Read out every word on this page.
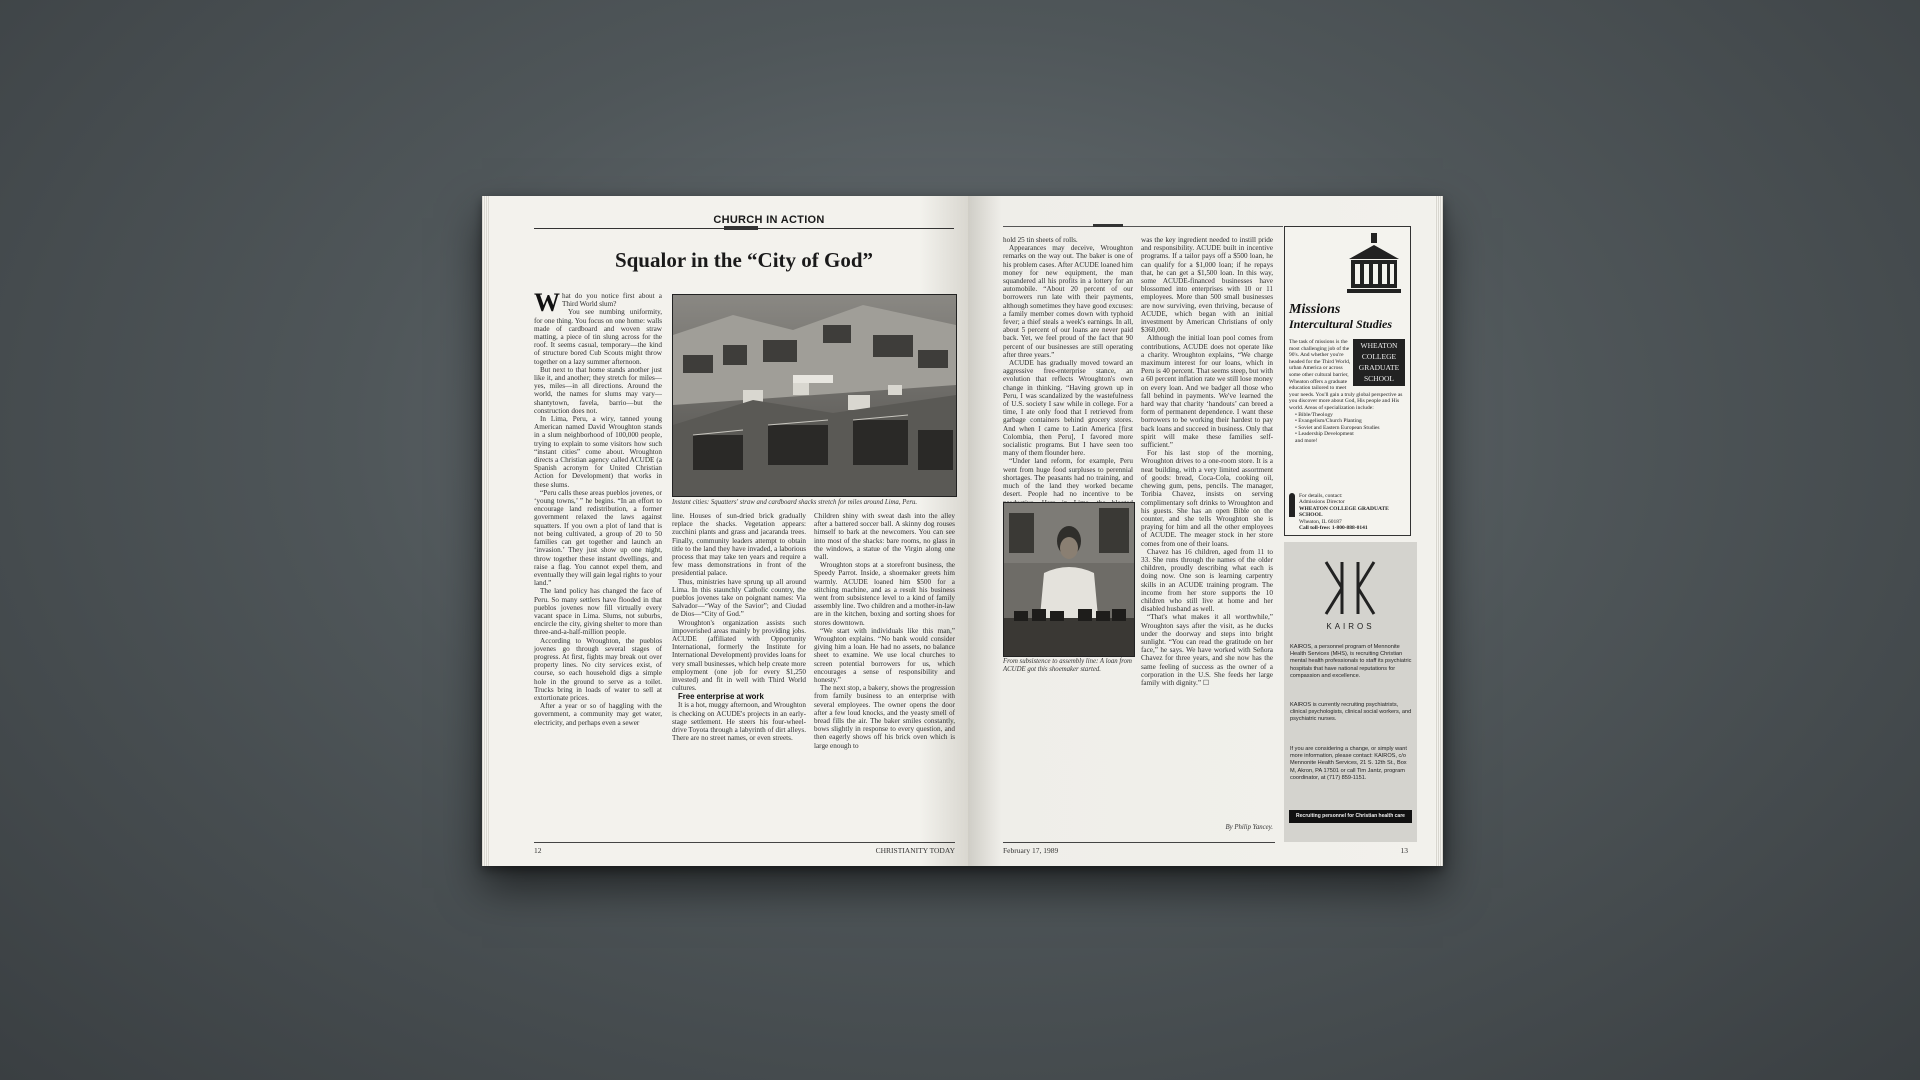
CHURCH IN ACTION
Squalor in the “City of God”

What do you notice first about a Third World slum?

You see numbing uniformity, for one thing. You focus on one home: walls made of cardboard and woven straw matting, a piece of tin slung across for the roof. It seems casual, temporary—the kind of structure bored Cub Scouts might throw together on a lazy summer afternoon.

But next to that home stands another just like it, and another; they stretch for miles—yes, miles—in all directions. Around the world, the names for slums may vary—shantytown, favela, barrio—but the construction does not.

In Lima, Peru, a wiry, tanned young American named David Wroughton stands in a slum neighborhood of 100,000 people, trying to explain to some visitors how such “instant cities” come about. Wroughton directs a Christian agency called ACUDE (a Spanish acronym for United Christian Action for Development) that works in these slums.

“Peru calls these areas pueblos jovenes, or ‘young towns,’ ” he begins. “In an effort to encourage land redistribution, a former government relaxed the laws against squatters. If you own a plot of land that is not being cultivated, a group of 20 to 50 families can get together and launch an ‘invasion.’ They just show up one night, throw together these instant dwellings, and raise a flag. You cannot expel them, and eventually they will gain legal rights to your land.”

The land policy has changed the face of Peru. So many settlers have flooded in that pueblos jovenes now fill virtually every vacant space in Lima. Slums, not suburbs, encircle the city, giving shelter to more than three-and-a-half-million people.

According to Wroughton, the pueblos jovenes go through several stages of progress. At first, fights may break out over property lines. No city services exist, of course, so each household digs a simple hole in the ground to serve as a toilet. Trucks bring in loads of water to sell at extortionate prices.

After a year or so of haggling with the government, a community may get water, electricity, and perhaps even a sewer

Instant cities: Squatters' straw and cardboard shacks stretch for miles around Lima, Peru.

line. Houses of sun-dried brick gradually replace the shacks. Vegetation appears: zucchini plants and grass and jacaranda trees. Finally, community leaders attempt to obtain title to the land they have invaded, a laborious process that may take ten years and require a few mass demonstrations in front of the presidential palace.

Thus, ministries have sprung up all around Lima. In this staunchly Catholic country, the pueblos jovenes take on poignant names: Via Salvador—“Way of the Savior”; and Ciudad de Dios—“City of God.”

Wroughton's organization assists such impoverished areas mainly by providing jobs. ACUDE (affiliated with Opportunity International, formerly the Institute for International Development) provides loans for very small businesses, which help create more employment (one job for every $1,250 invested) and fit in well with Third World cultures.

Free enterprise at work

It is a hot, muggy afternoon, and Wroughton is checking on ACUDE's projects in an early-stage settlement. He steers his four-wheel-drive Toyota through a labyrinth of dirt alleys. There are no street names, or even streets.

Children shiny with sweat dash into the alley after a battered soccer ball. A skinny dog rouses himself to bark at the newcomers. You can see into most of the shacks: bare rooms, no glass in the windows, a statue of the Virgin along one wall.

Wroughton stops at a storefront business, the Speedy Parrot. Inside, a shoemaker greets him warmly. ACUDE loaned him $500 for a stitching machine, and as a result his business went from subsistence level to a kind of family assembly line. Two children and a mother-in-law are in the kitchen, boxing and sorting shoes for stores downtown.

“We start with individuals like this man,” Wroughton explains. “No bank would consider giving him a loan. He had no assets, no balance sheet to examine. We use local churches to screen potential borrowers for us, which encourages a sense of responsibility and honesty.”

The next stop, a bakery, shows the progression from family business to an enterprise with several employees. The owner opens the door after a few loud knocks, and the yeasty smell of bread fills the air. The baker smiles constantly, bows slightly in response to every question, and then eagerly shows off his brick oven which is large enough to

12	CHRISTIANITY TODAY

hold 25 tin sheets of rolls.

Appearances may deceive, Wroughton remarks on the way out. The baker is one of his problem cases. After ACUDE loaned him money for new equipment, the man squandered all his profits in a lottery for an automobile. “About 20 percent of our borrowers run late with their payments, although sometimes they have good excuses: a family member comes down with typhoid fever; a thief steals a week's earnings. In all, about 5 percent of our loans are never paid back. Yet, we feel proud of the fact that 90 percent of our businesses are still operating after three years.”

ACUDE has gradually moved toward an aggressive free-enterprise stance, an evolution that reflects Wroughton's own change in thinking. “Having grown up in Peru, I was scandalized by the wastefulness of U.S. society I saw while in college. For a time, I ate only food that I retrieved from garbage containers behind grocery stores. And when I came to Latin America [first Colombia, then Peru], I favored more socialistic programs. But I have seen too many of them flounder here.

“Under land reform, for example, Peru went from huge food surpluses to perennial shortages. The peasants had no training, and much of the land they worked became desert. People had no incentive to be

From subsistence to assembly line: A loan from ACUDE got this shoemaker started.

was the key ingredient needed to instill pride and responsibility. ACUDE built in incentive programs. If a tailor pays off a $500 loan, he can qualify for a $1,000 loan; if he repays that, he can get a $1,500 loan. In this way, some ACUDE-financed businesses have blossomed into enterprises with 10 or 11 employees. More than 500 small businesses are now surviving, even thriving, because of ACUDE, which began with an initial investment by American Christians of only $360,000.

Although the initial loan pool comes from contributions, ACUDE does not operate like a charity. Wroughton explains, “We charge maximum interest for our loans, which in Peru is 40 percent. That seems steep, but with a 60 percent inflation rate we still lose money on every loan. And we badger all those who fall behind in payments. We've learned the hard way that charity ‘handouts’ can breed a form of permanent dependence. I want these borrowers to be working their hardest to pay back loans and succeed in business. Only that spirit will make these families self-sufficient.”

For his last stop of the morning, Wroughton drives to a one-room store. It is a neat building, with a very limited assortment of goods: bread, Coca-Cola, cooking oil, chewing gum, pens, pencils. The manager, Toribia Chavez, insists on serving complimentary soft drinks to Wroughton and his guests. She has an open Bible on the counter, and she tells Wroughton she is praying for him and all the other employees of ACUDE. The meager stock in her store comes from one of their loans.

Chavez has 16 children, aged from 11 to 33. She runs through the names of the older children, proudly describing what each is doing now. One son is learning carpentry skills in an ACUDE training program. The income from her store supports the 10 children who still live at home and her disabled husband as well.

“That's what makes it all worthwhile,” Wroughton says after the visit, as he ducks under the doorway and steps into bright sunlight. “You can read the gratitude on her face,” he says. We have worked with Señora Chavez for three years, and she now has the same feeling of success as the owner of a corporation in the U.S. She feeds her large family with dignity.” ☐

By Philip Yancey.
Missions
Intercultural Studies
WHEATON
COLLEGE
GRADUATE
SCHOOL
The task of missions is the most challenging job of the 90's. And whether you're headed for the Third World, urban America or across some other cultural barrier, Wheaton offers a graduate education tailored to meet your needs. You'll gain a truly global perspective as you discover more about God, His people and His world. Areas of specialization include:
• Bible/Theology
• Evangelism/Church Planting
• Soviet and Eastern European Studies
• Leadership Development
and more!
For details, contact:
Admissions Director
WHEATON COLLEGE GRADUATE SCHOOL
Wheaton, IL 60187
Call toll-free: 1-800-888-0141
KAIROS
KAIROS, a personnel program of Mennonite Health Services (MHS), is recruiting Christian mental health professionals to staff its psychiatric hospitals that have national reputations for compassion and excellence.
KAIROS is currently recruiting psychiatrists, clinical psychologists, clinical social workers, and psychiatric nurses.
If you are considering a change, or simply want more information, please contact: KAIROS, c/o Mennonite Health Services, 21 S. 12th St., Box M, Akron, PA 17501 or call Tim Jantz, program coordinator, at (717) 859-1151.
Recruiting personnel for Christian health care
February 17, 1989	13
